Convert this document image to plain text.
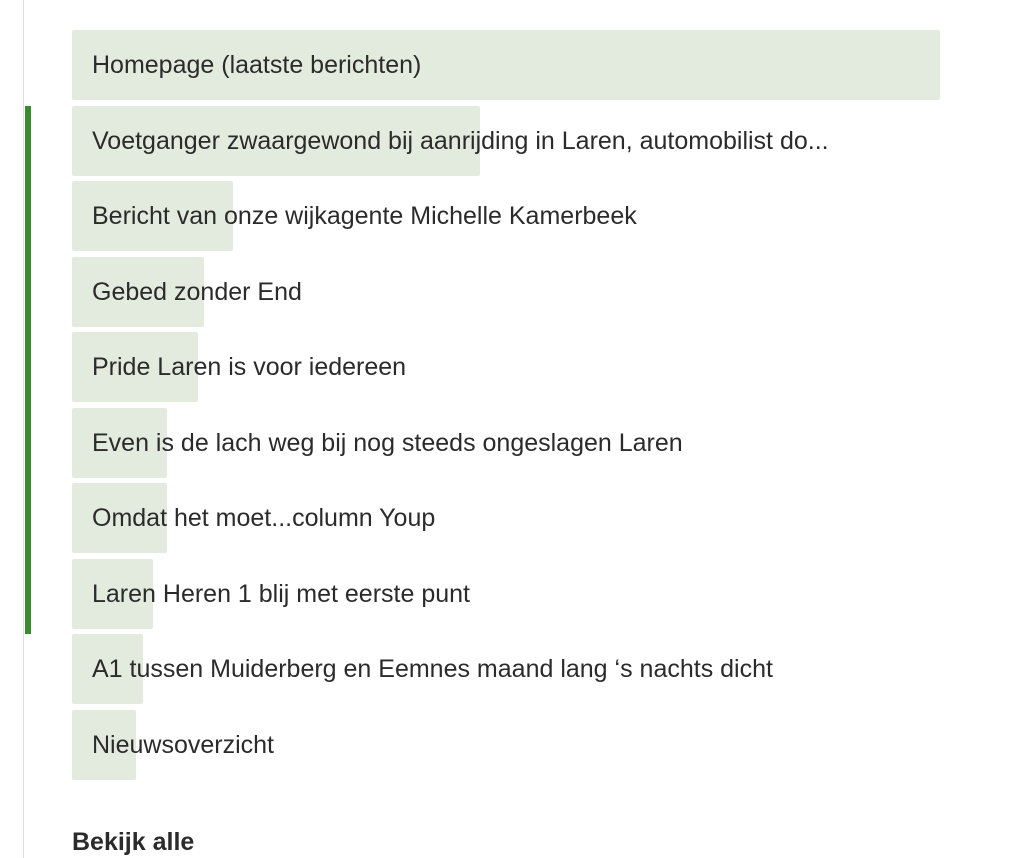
Homepage (laatste berichten)
Voetganger zwaargewond bij aanrijding in Laren, automobilist do...
Bericht van onze wijkagente Michelle Kamerbeek
Gebed zonder End
Pride Laren is voor iedereen
Even is de lach weg bij nog steeds ongeslagen Laren
Omdat het moet...column Youp
Laren Heren 1 blij met eerste punt
A1 tussen Muiderberg en Eemnes maand lang ‘s nachts dicht
Nieuwsoverzicht
Bekijk alle
